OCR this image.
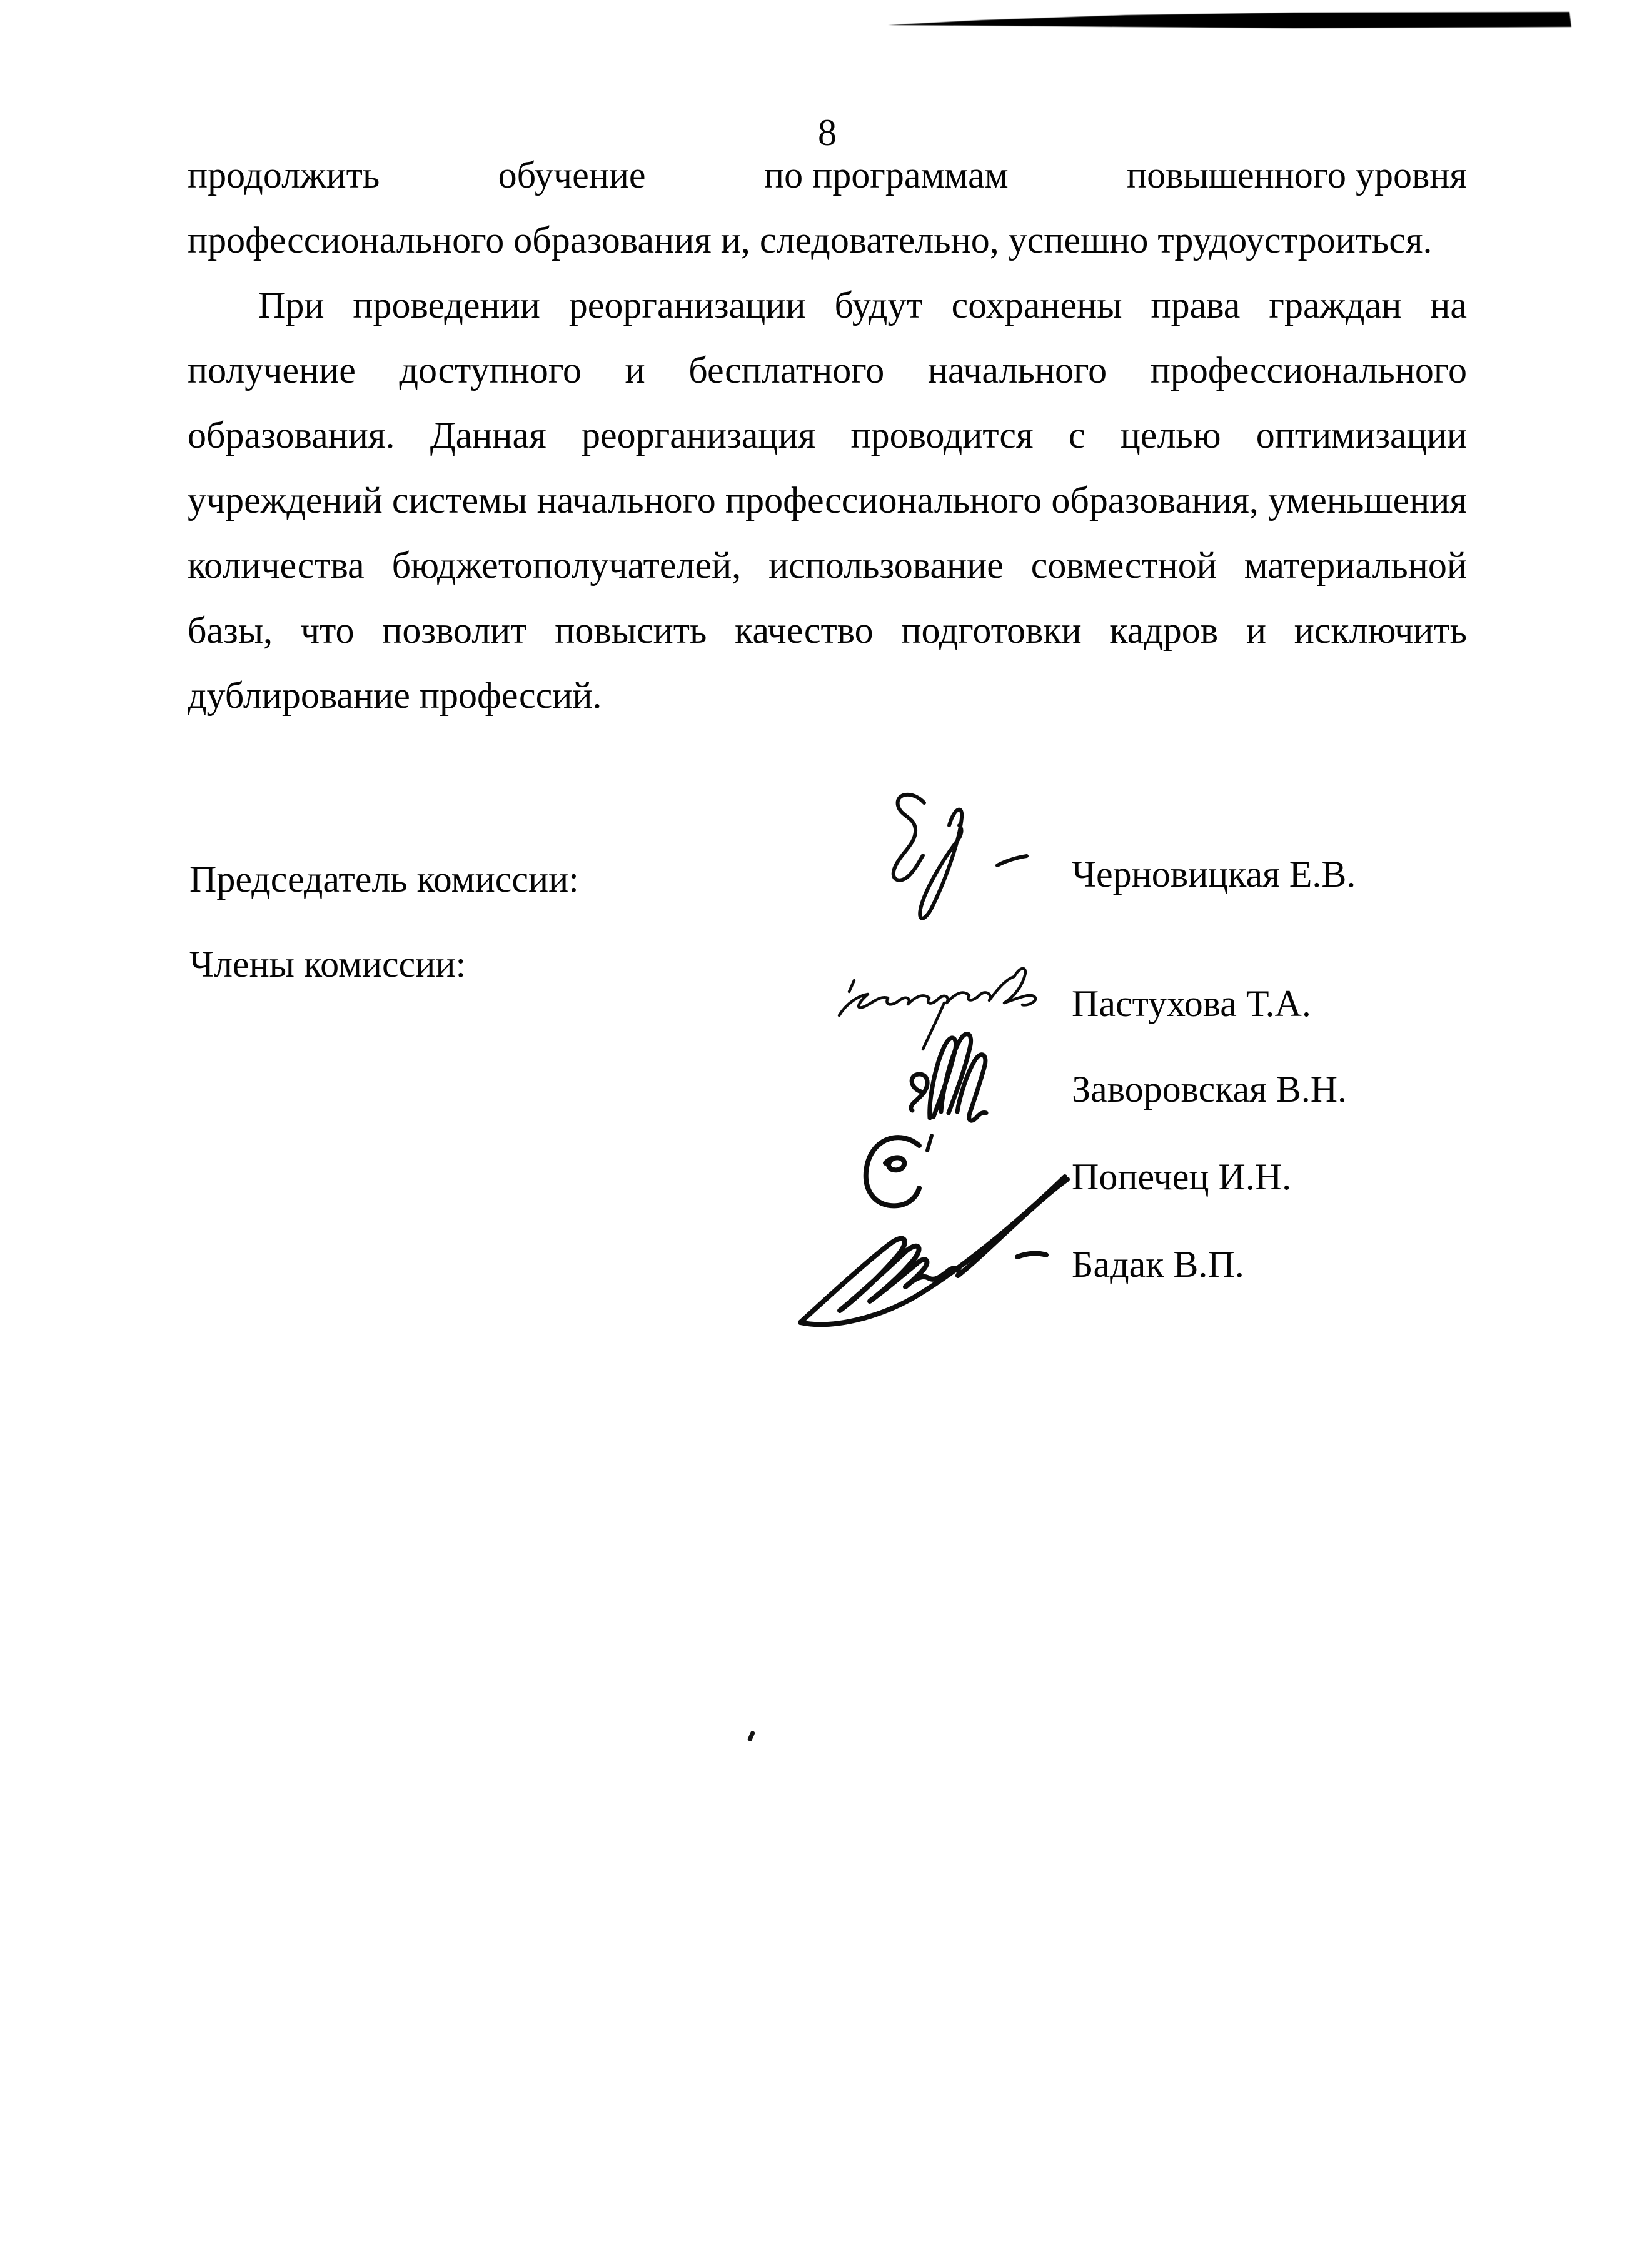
8
продолжить	обучение	по программам	повышенного уровня
профессионального образования и, следовательно, успешно трудоустроиться.
При проведении реорганизации будут сохранены права граждан на
получение доступного и бесплатного начального профессионального
образования. Данная реорганизация проводится с целью оптимизации
учреждений системы начального профессионального образования, уменьшения
количества бюджетополучателей, использование совместной материальной
базы, что позволит повысить качество подготовки кадров и исключить
дублирование профессий.
Председатель комиссии:
Члены комиссии:
Черновицкая Е.В.
Пастухова Т.А.
Заворовская В.Н.
Попечец И.Н.
Бадак В.П.
